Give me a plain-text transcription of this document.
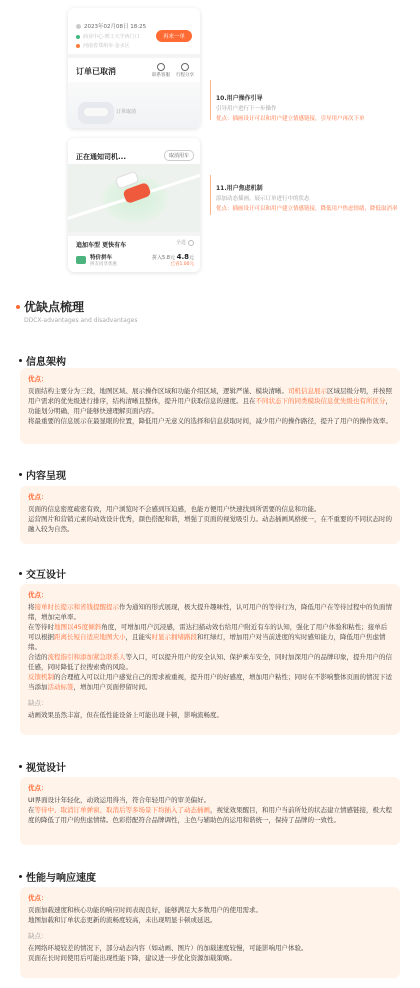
2023年02月08日 18:25
商业中心·理工大学西门口
河南省郑州市·金水区
再来一单
订单已取消	联系客服 行程分享
订单取消
正在通知司机...	取消用车
追加车型 更快有车	全选
特价拼车
拼友同享优惠
拼入5.8元 4.8元
已省1.00元
10.用户操作引导
引导用户进行下一步操作
优点：插画设计可以和用户建立情感链接，引导用户再次下单
11.用户焦虑机制
添加动态插画，展示订单进行中的状态
优点：插画设计可以和用户建立情感链接，降低用户焦虑情绪，降低取消率
优缺点梳理
DDCX-advantages and disadvantages
信息架构
优点：

页面结构主要分为三段，地图区域、展示操作区域和功能介绍区域，逻辑严谨、模块清晰。司机信息展示区域层级分明，并按照用户需求的优先级进行排序，结构清晰且整体，提升用户获取信息的速度。且在不同状态下的同类模块信息优先级也有所区分，功能划分明确，用户能够快速理解页面内容。

将最重要的信息展示在最显眼的位置，降低用户无意义的选择和信息获取时间，减少用户的操作路径，提升了用户的操作效率。

内容呈现
优点：

页面的信息密度疏密有致，用户浏览时不会感到压迫感，也能方便用户快速找到所需要的信息和功能。

运营图片和营销元素的动效设计优秀，颜色搭配和谐，增强了页面的视觉吸引力。动态插画风格统一，在不重要的不同状态时的融入较为自然。

交互设计
优点：

将接单时长提示和省钱提醒提示作为通知的形式展现，极大提升趣味性，认可用户的等待行为，降低用户在等待过程中的负面情绪，增加完单率。

在等待时地图以45度倾斜角度，可增加用户沉浸感，雷达扫描动效右给用户附近有车的认知，强化了用户体验和粘性；接单后可以根据距离长短自适应地图大小，且能实时显示拥堵路段和红绿灯，增加用户对当前进度的实时感知能力，降低用户焦虑情绪。

合适的流程指引和添加紧急联系人等入口，可以提升用户的安全认知、保护乘车安全，同时加深用户的品牌印象，提升用户的信任感，同时降低了拉搜索费的风险。

反馈机制的合理植入可以让用户感觉自己的需求被重视，提升用户的好感度，增加用户粘性；同时在不影响整体页面的情况下适当添加活动标签，增加用户页面停留时间。

缺点：

动画效果虽然丰富，但在低性能设备上可能出现卡顿，影响流畅度。

视觉设计
优点：

UI界面设计年轻化，动效运用得当，符合年轻用户的审美偏好。

在等待中、取消订单弹窗、取消后等多场景下均插入了动态插画，视觉效果醒目，和用户当前所处的状态建立情感链接，极大程度的降低了用户的焦虑情绪。色彩搭配符合品牌调性，主色与辅助色的运用和谐统一，保持了品牌的一致性。

性能与响应速度
优点：

页面加载速度和核心功能的响应时间表现良好，能够满足大多数用户的使用需求。

地图加载和订单状态更新的流畅度较高，未出现明显卡顿或延迟。

缺点：

在网络环境较差的情况下，部分动态内容（如动画、图片）的加载速度较慢，可能影响用户体验。

页面在长时间使用后可能出现性能下降，建议进一步优化资源加载策略。
